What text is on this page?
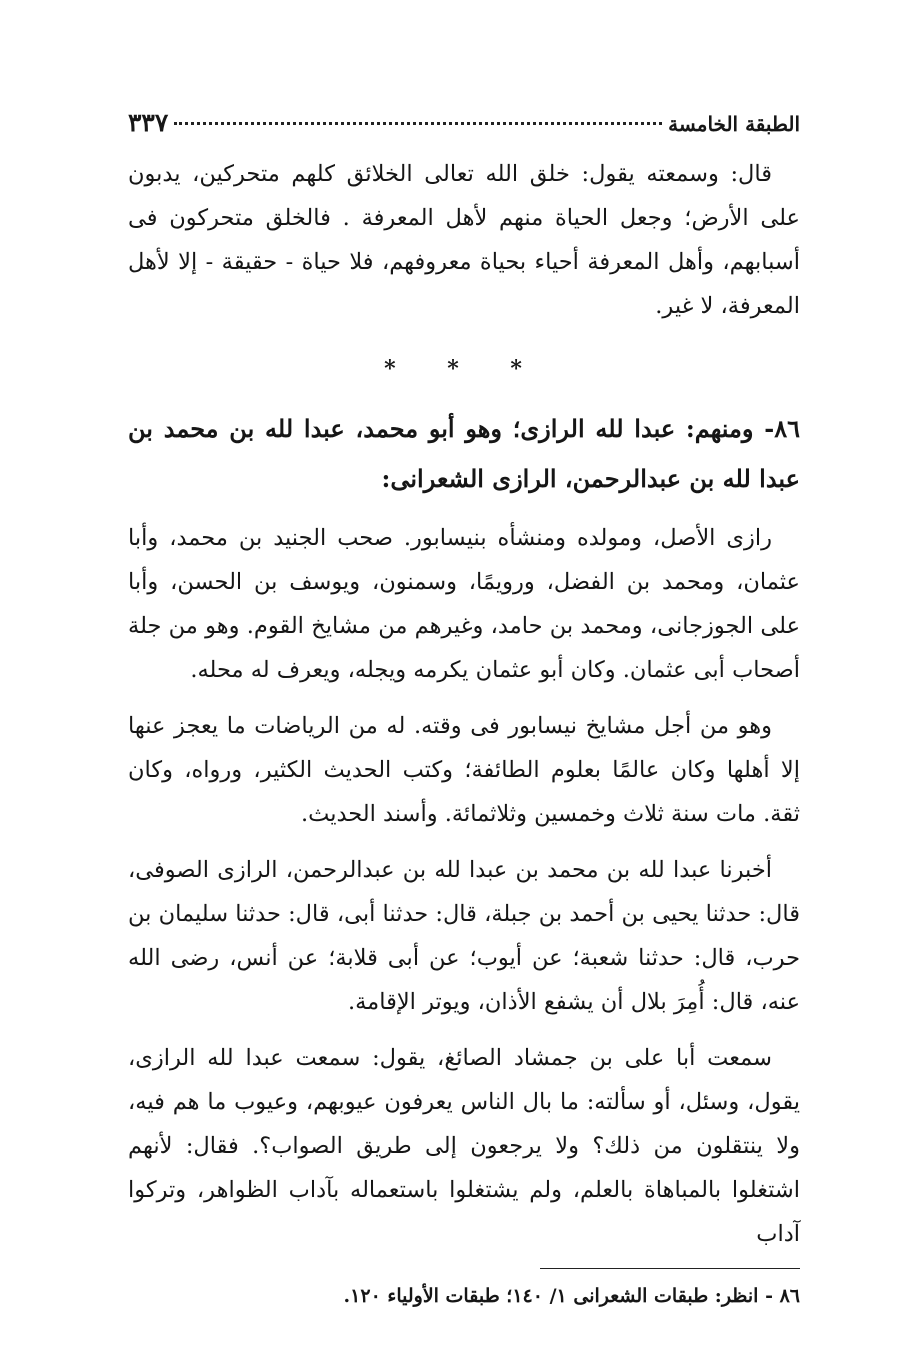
الطبقة الخامسة
٣٣٧

قال: وسمعته يقول: خلق الله تعالى الخلائق كلهم متحركين، يدبون على الأرض؛ وجعل الحياة منهم لأهل المعرفة . فالخلق متحركون فى أسبابهم، وأهل المعرفة أحياء بحياة معروفهم، فلا حياة - حقيقة - إلا لأهل المعرفة، لا غير.

* * *

٨٦- ومنهم: عبدا لله الرازى؛ وهو أبو محمد، عبدا لله بن محمد بن عبدا لله بن عبدالرحمن، الرازى الشعرانى:

رازى الأصل، ومولده ومنشأه بنيسابور. صحب الجنيد بن محمد، وأبا عثمان، ومحمد بن الفضل، ورويمًا، وسمنون، ويوسف بن الحسن، وأبا على الجوزجانى، ومحمد بن حامد، وغيرهم من مشايخ القوم. وهو من جلة أصحاب أبى عثمان. وكان أبو عثمان يكرمه ويجله، ويعرف له محله.

وهو من أجل مشايخ نيسابور فى وقته. له من الرياضات ما يعجز عنها إلا أهلها وكان عالمًا بعلوم الطائفة؛ وكتب الحديث الكثير، ورواه، وكان ثقة. مات سنة ثلاث وخمسين وثلاثمائة. وأسند الحديث.

أخبرنا عبدا لله بن محمد بن عبدا لله بن عبدالرحمن، الرازى الصوفى، قال: حدثنا يحيى بن أحمد بن جبلة، قال: حدثنا أبى، قال: حدثنا سليمان بن حرب، قال: حدثنا شعبة؛ عن أيوب؛ عن أبى قلابة؛ عن أنس، رضى الله عنه، قال: أُمِرَ بلال أن يشفع الأذان، ويوتر الإقامة.

سمعت أبا على بن جمشاد الصائغ، يقول: سمعت عبدا لله الرازى، يقول، وسئل، أو سألته: ما بال الناس يعرفون عيوبهم، وعيوب ما هم فيه، ولا ينتقلون من ذلك؟ ولا يرجعون إلى طريق الصواب؟. فقال: لأنهم اشتغلوا بالمباهاة بالعلم، ولم يشتغلوا باستعماله بآداب الظواهر، وتركوا آداب

٨٦ - انظر: طبقات الشعرانى ١/ ١٤٠؛ طبقات الأولياء ١٢٠.
